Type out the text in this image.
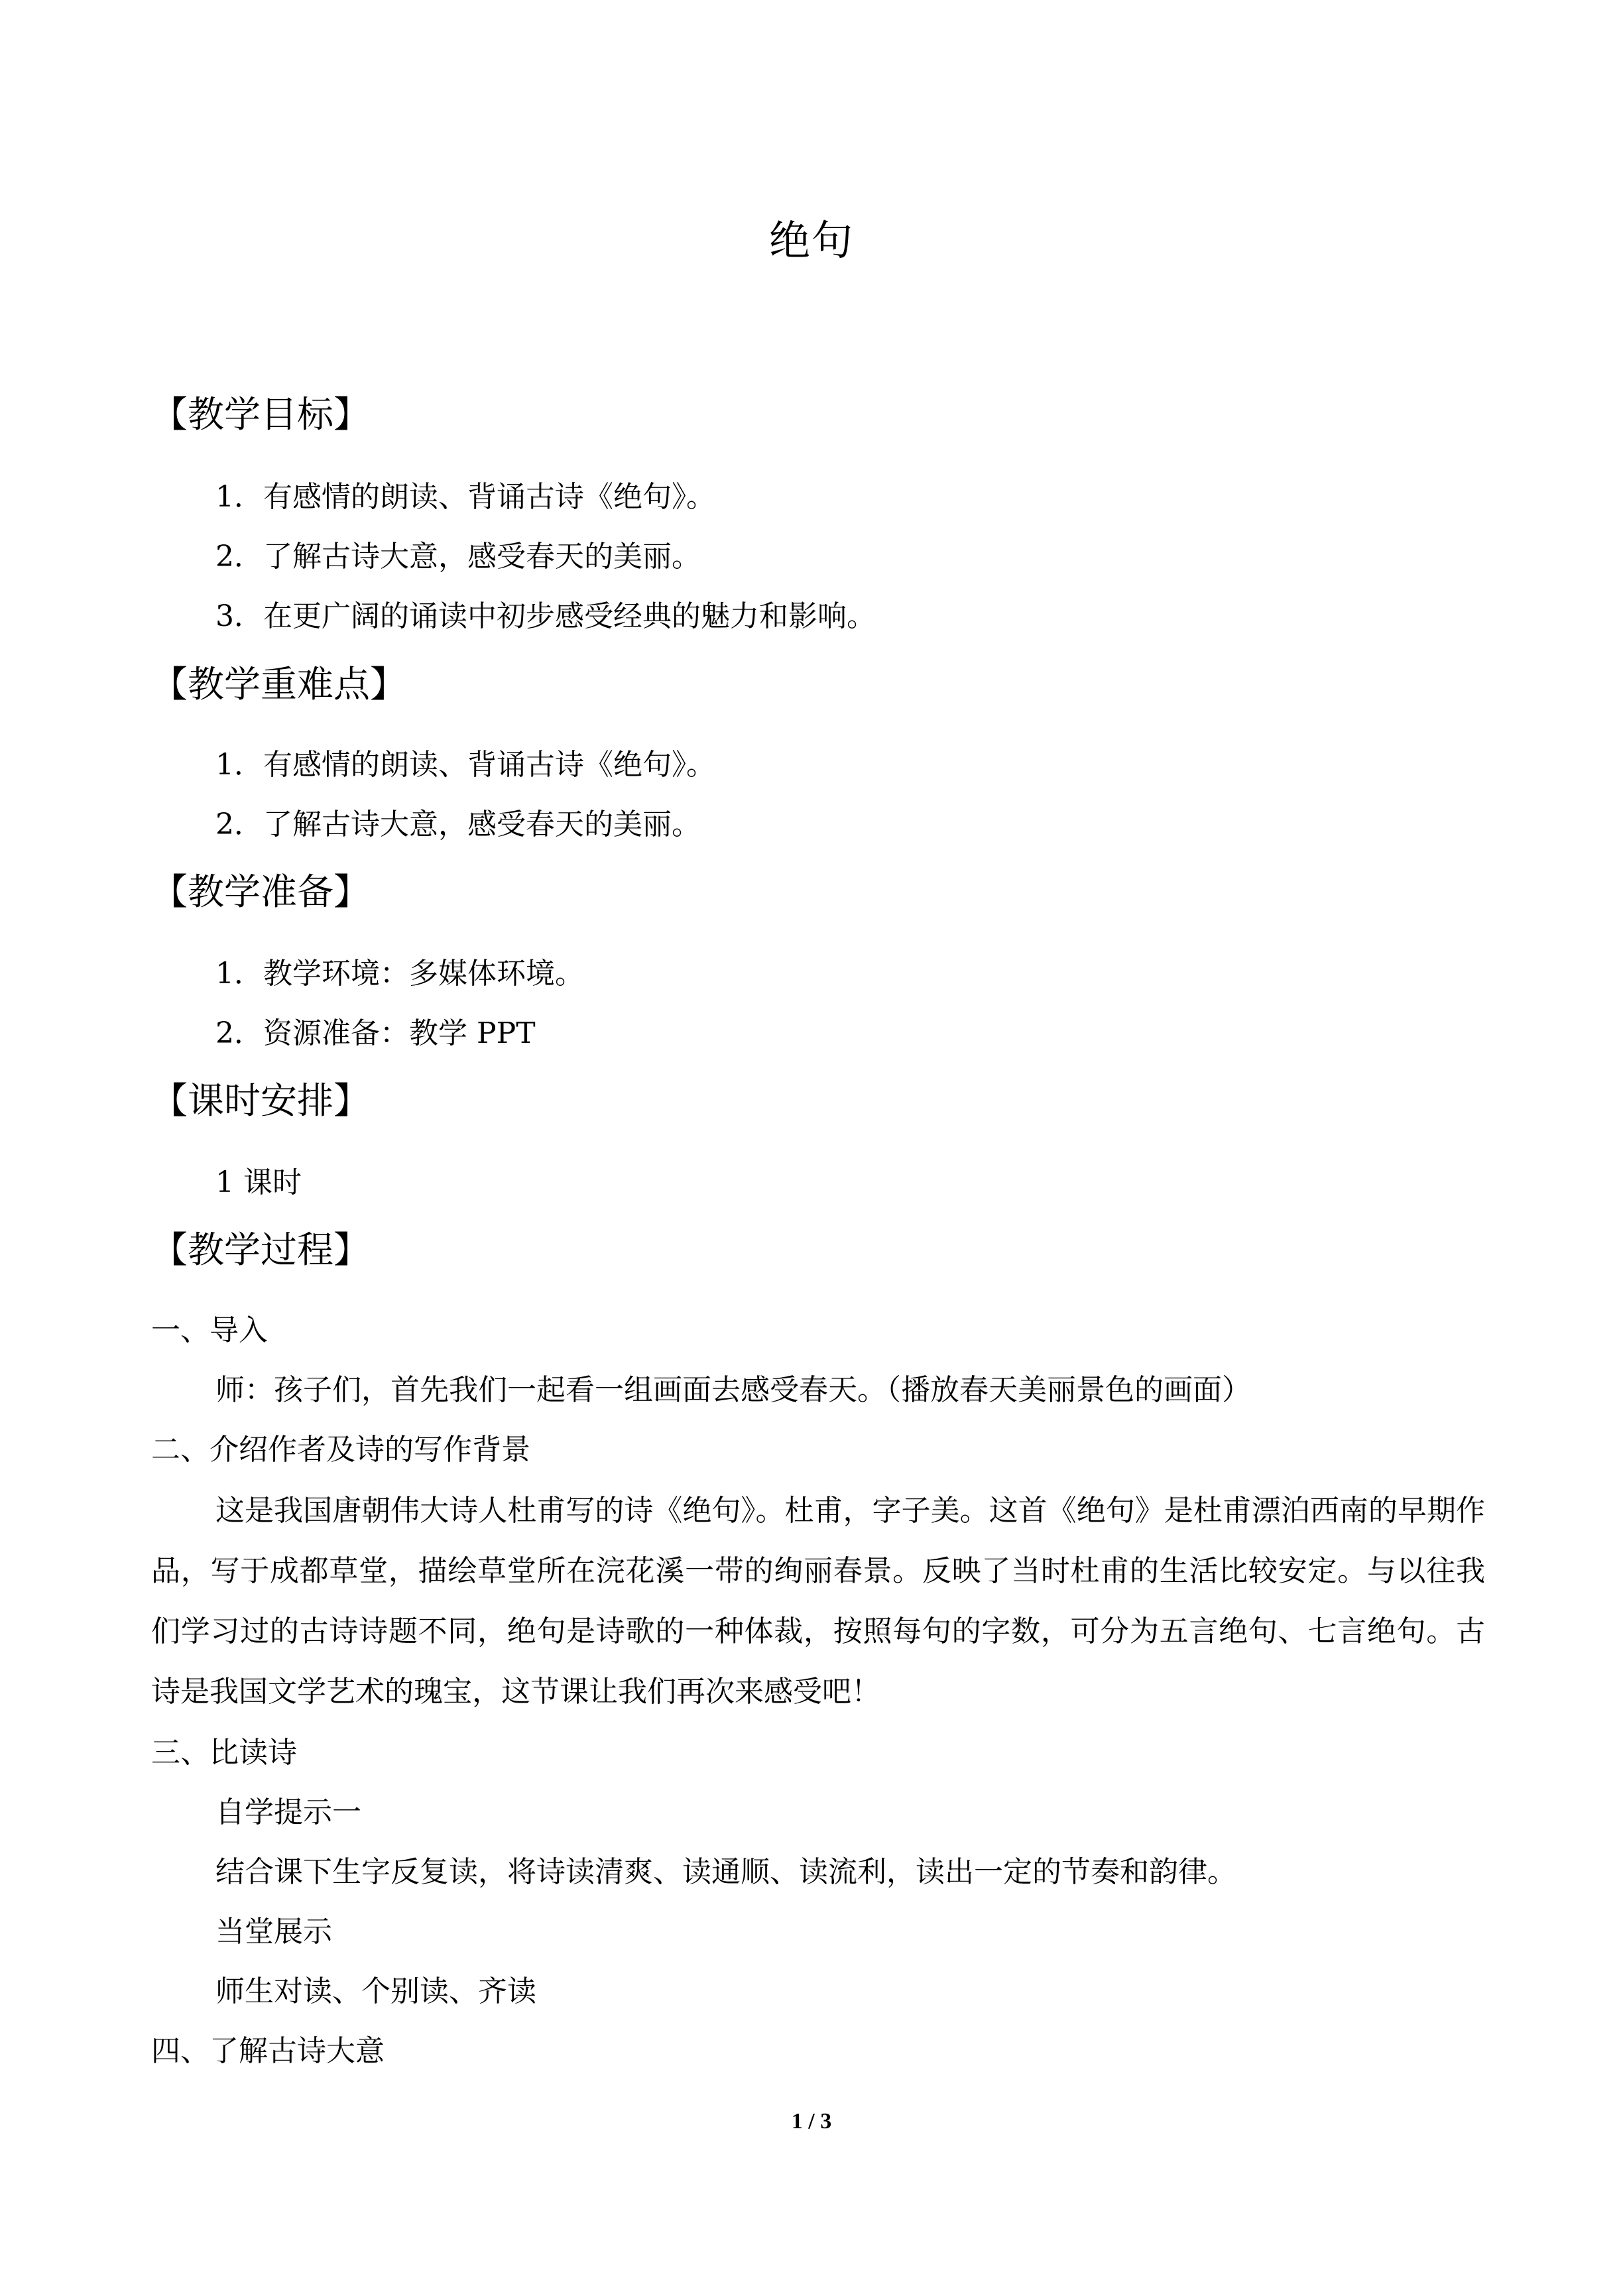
绝句
【教学目标】
1．有感情的朗读、背诵古诗《绝句》。
2．了解古诗大意，感受春天的美丽。
3．在更广阔的诵读中初步感受经典的魅力和影响。
【教学重难点】
1．有感情的朗读、背诵古诗《绝句》。
2．了解古诗大意，感受春天的美丽。
【教学准备】
1．教学环境：多媒体环境。
2．资源准备：教学 PPT
【课时安排】
1 课时
【教学过程】
一、导入
师：孩子们，首先我们一起看一组画面去感受春天。（播放春天美丽景色的画面）
二、介绍作者及诗的写作背景
这是我国唐朝伟大诗人杜甫写的诗《绝句》。杜甫，字子美。这首《绝句》是杜甫漂泊西南的早期作品，写于成都草堂，描绘草堂所在浣花溪一带的绚丽春景。反映了当时杜甫的生活比较安定。与以往我们学习过的古诗诗题不同，绝句是诗歌的一种体裁，按照每句的字数，可分为五言绝句、七言绝句。古诗是我国文学艺术的瑰宝，这节课让我们再次来感受吧！
三、比读诗
自学提示一
结合课下生字反复读，将诗读清爽、读通顺、读流利，读出一定的节奏和韵律。
当堂展示
师生对读、个别读、齐读
四、了解古诗大意
1 / 3
